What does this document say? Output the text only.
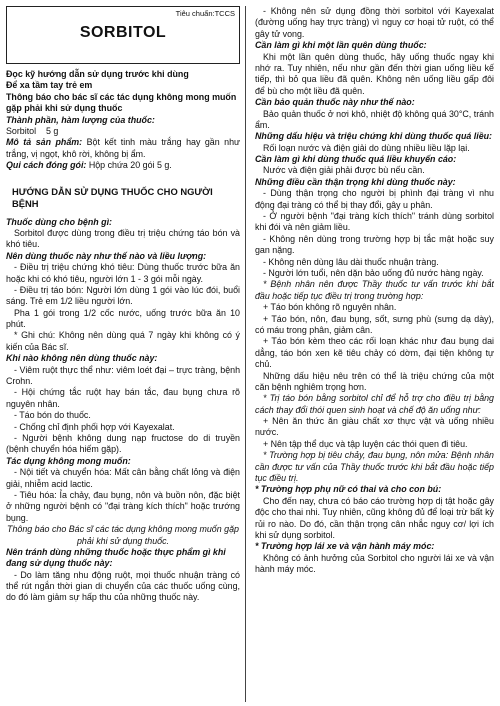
Tiêu chuẩn:TCCS
SORBITOL

Đọc kỹ hướng dẫn sử dụng trước khi dùng

Để xa tầm tay trẻ em

Thông báo cho bác sĩ các tác dụng không mong muốn gặp phải khi sử dụng thuốc

Thành phần, hàm lượng của thuốc:

Sorbitol	5 g

Mô tả sản phẩm: Bột kết tinh màu trắng hay gần như trắng, vị ngọt, khô rời, không bị ẩm.

Qui cách đóng gói: Hộp chứa 20 gói 5 g.

HƯỚNG DẪN SỬ DỤNG THUỐC CHO NGƯỜI BỆNH

Thuốc dùng cho bệnh gì:

Sorbitol được dùng trong điều trị triệu chứng táo bón và khó tiêu.

Nên dùng thuốc này như thế nào và liều lượng:

- Điều trị triệu chứng khó tiêu: Dùng thuốc trước bữa ăn hoặc khi có khó tiêu, người lớn 1 - 3 gói mỗi ngày.

- Điều trị táo bón: Người lớn dùng 1 gói vào lúc đói, buổi sáng. Trẻ em 1/2 liều người lớn.

Pha 1 gói trong 1/2 cốc nước, uống trước bữa ăn 10 phút.

* Ghi chú: Không nên dùng quá 7 ngày khi không có ý kiến của Bác sĩ.

Khi nào không nên dùng thuốc này:

- Viêm ruột thực thể như: viêm loét đại – trực tràng, bệnh Crohn.

- Hội chứng tắc ruột hay bán tắc, đau bụng chưa rõ nguyên nhân.

- Táo bón do thuốc.

- Chống chỉ định phối hợp với Kayexalat.

- Người bệnh không dung nạp fructose do di truyền (bệnh chuyển hóa hiếm gặp).

Tác dụng không mong muốn:

- Nội tiết và chuyển hóa: Mất cân bằng chất lỏng và điện giải, nhiễm acid lactic.

- Tiêu hóa: Ỉa chảy, đau bụng, nôn và buồn nôn, đặc biệt ở những người bệnh có "đại tràng kích thích" hoặc trướng bụng.

Thông báo cho Bác sĩ các tác dụng không mong muốn gặp phải khi sử dụng thuốc.

Nên tránh dùng những thuốc hoặc thực phẩm gì khi đang sử dụng thuốc này:

- Do làm tăng nhu động ruột, mọi thuốc nhuận tràng có thể rút ngắn thời gian di chuyển của các thuốc uống cùng, do đó làm giảm sự hấp thu của những thuốc này.

- Không nên sử dụng đồng thời sorbitol với Kayexalat (đường uống hay trực tràng) vì nguy cơ hoại tử ruột, có thể gây tử vong.

Cần làm gì khi một lần quên dùng thuốc:

Khi một lần quên dùng thuốc, hãy uống thuốc ngay khi nhớ ra. Tuy nhiên, nếu như gần đến thời gian uống liều kế tiếp, thì bỏ qua liều đã quên. Không nên uống liều gấp đôi để bù cho một liều đã quên.

Cần bảo quản thuốc này như thế nào:

Bảo quản thuốc ở nơi khô, nhiệt độ không quá 30°C, tránh ẩm.

Những dấu hiệu và triệu chứng khi dùng thuốc quá liều:

Rối loạn nước và điện giải do dùng nhiều liều lặp lại.

Cần làm gì khi dùng thuốc quá liều khuyến cáo:

Nước và điện giải phải được bù nếu cần.

Những điều cần thận trọng khi dùng thuốc này:

- Dùng thận trọng cho người bị phình đại tràng vì nhu động đại tràng có thể bị thay đổi, gây u phân.

- Ở người bệnh "đại tràng kích thích" tránh dùng sorbitol khi đói và nên giảm liều.

- Không nên dùng trong trường hợp bị tắc mật hoặc suy gan nặng.

- Không nên dùng lâu dài thuốc nhuận tràng.

- Người lớn tuổi, nên dặn bảo uống đủ nước hàng ngày.

* Bệnh nhân nên được Thầy thuốc tư vấn trước khi bắt đầu hoặc tiếp tục điều trị trong trường hợp:

+ Táo bón không rõ nguyên nhân.

+ Táo bón, nôn, đau bụng, sốt, sưng phù (sưng dạ dày), có máu trong phân, giảm cân.

+ Táo bón kèm theo các rối loạn khác như đau bụng dai dẳng, táo bón xen kẽ tiêu chảy có dờm, đại tiện không tự chủ.

Những dấu hiệu nêu trên có thể là triệu chứng của một căn bệnh nghiêm trọng hơn.

* Trị táo bón bằng sorbitol chỉ để hỗ trợ cho điều trị bằng cách thay đổi thói quen sinh hoạt và chế độ ăn uống như:

+ Nên ăn thức ăn giàu chất xơ thực vật và uống nhiều nước.

+ Nên tập thể dục và tập luyện các thói quen đi tiêu.

* Trường hợp bị tiêu chảy, đau bụng, nôn mửa: Bệnh nhân cần được tư vấn của Thầy thuốc trước khi bắt đầu hoặc tiếp tục điều trị.

* Trường hợp phụ nữ có thai và cho con bú:

Cho đến nay, chưa có báo cáo trường hợp dị tật hoặc gây độc cho thai nhi. Tuy nhiên, cũng không đủ để loại trừ bất kỳ rủi ro nào. Do đó, cần thận trọng cân nhắc nguy cơ/ lợi ích khi sử dụng sorbitol.

* Trường hợp lái xe và vận hành máy móc:

Không có ảnh hưởng của Sorbitol cho người lái xe và vận hành máy móc.
